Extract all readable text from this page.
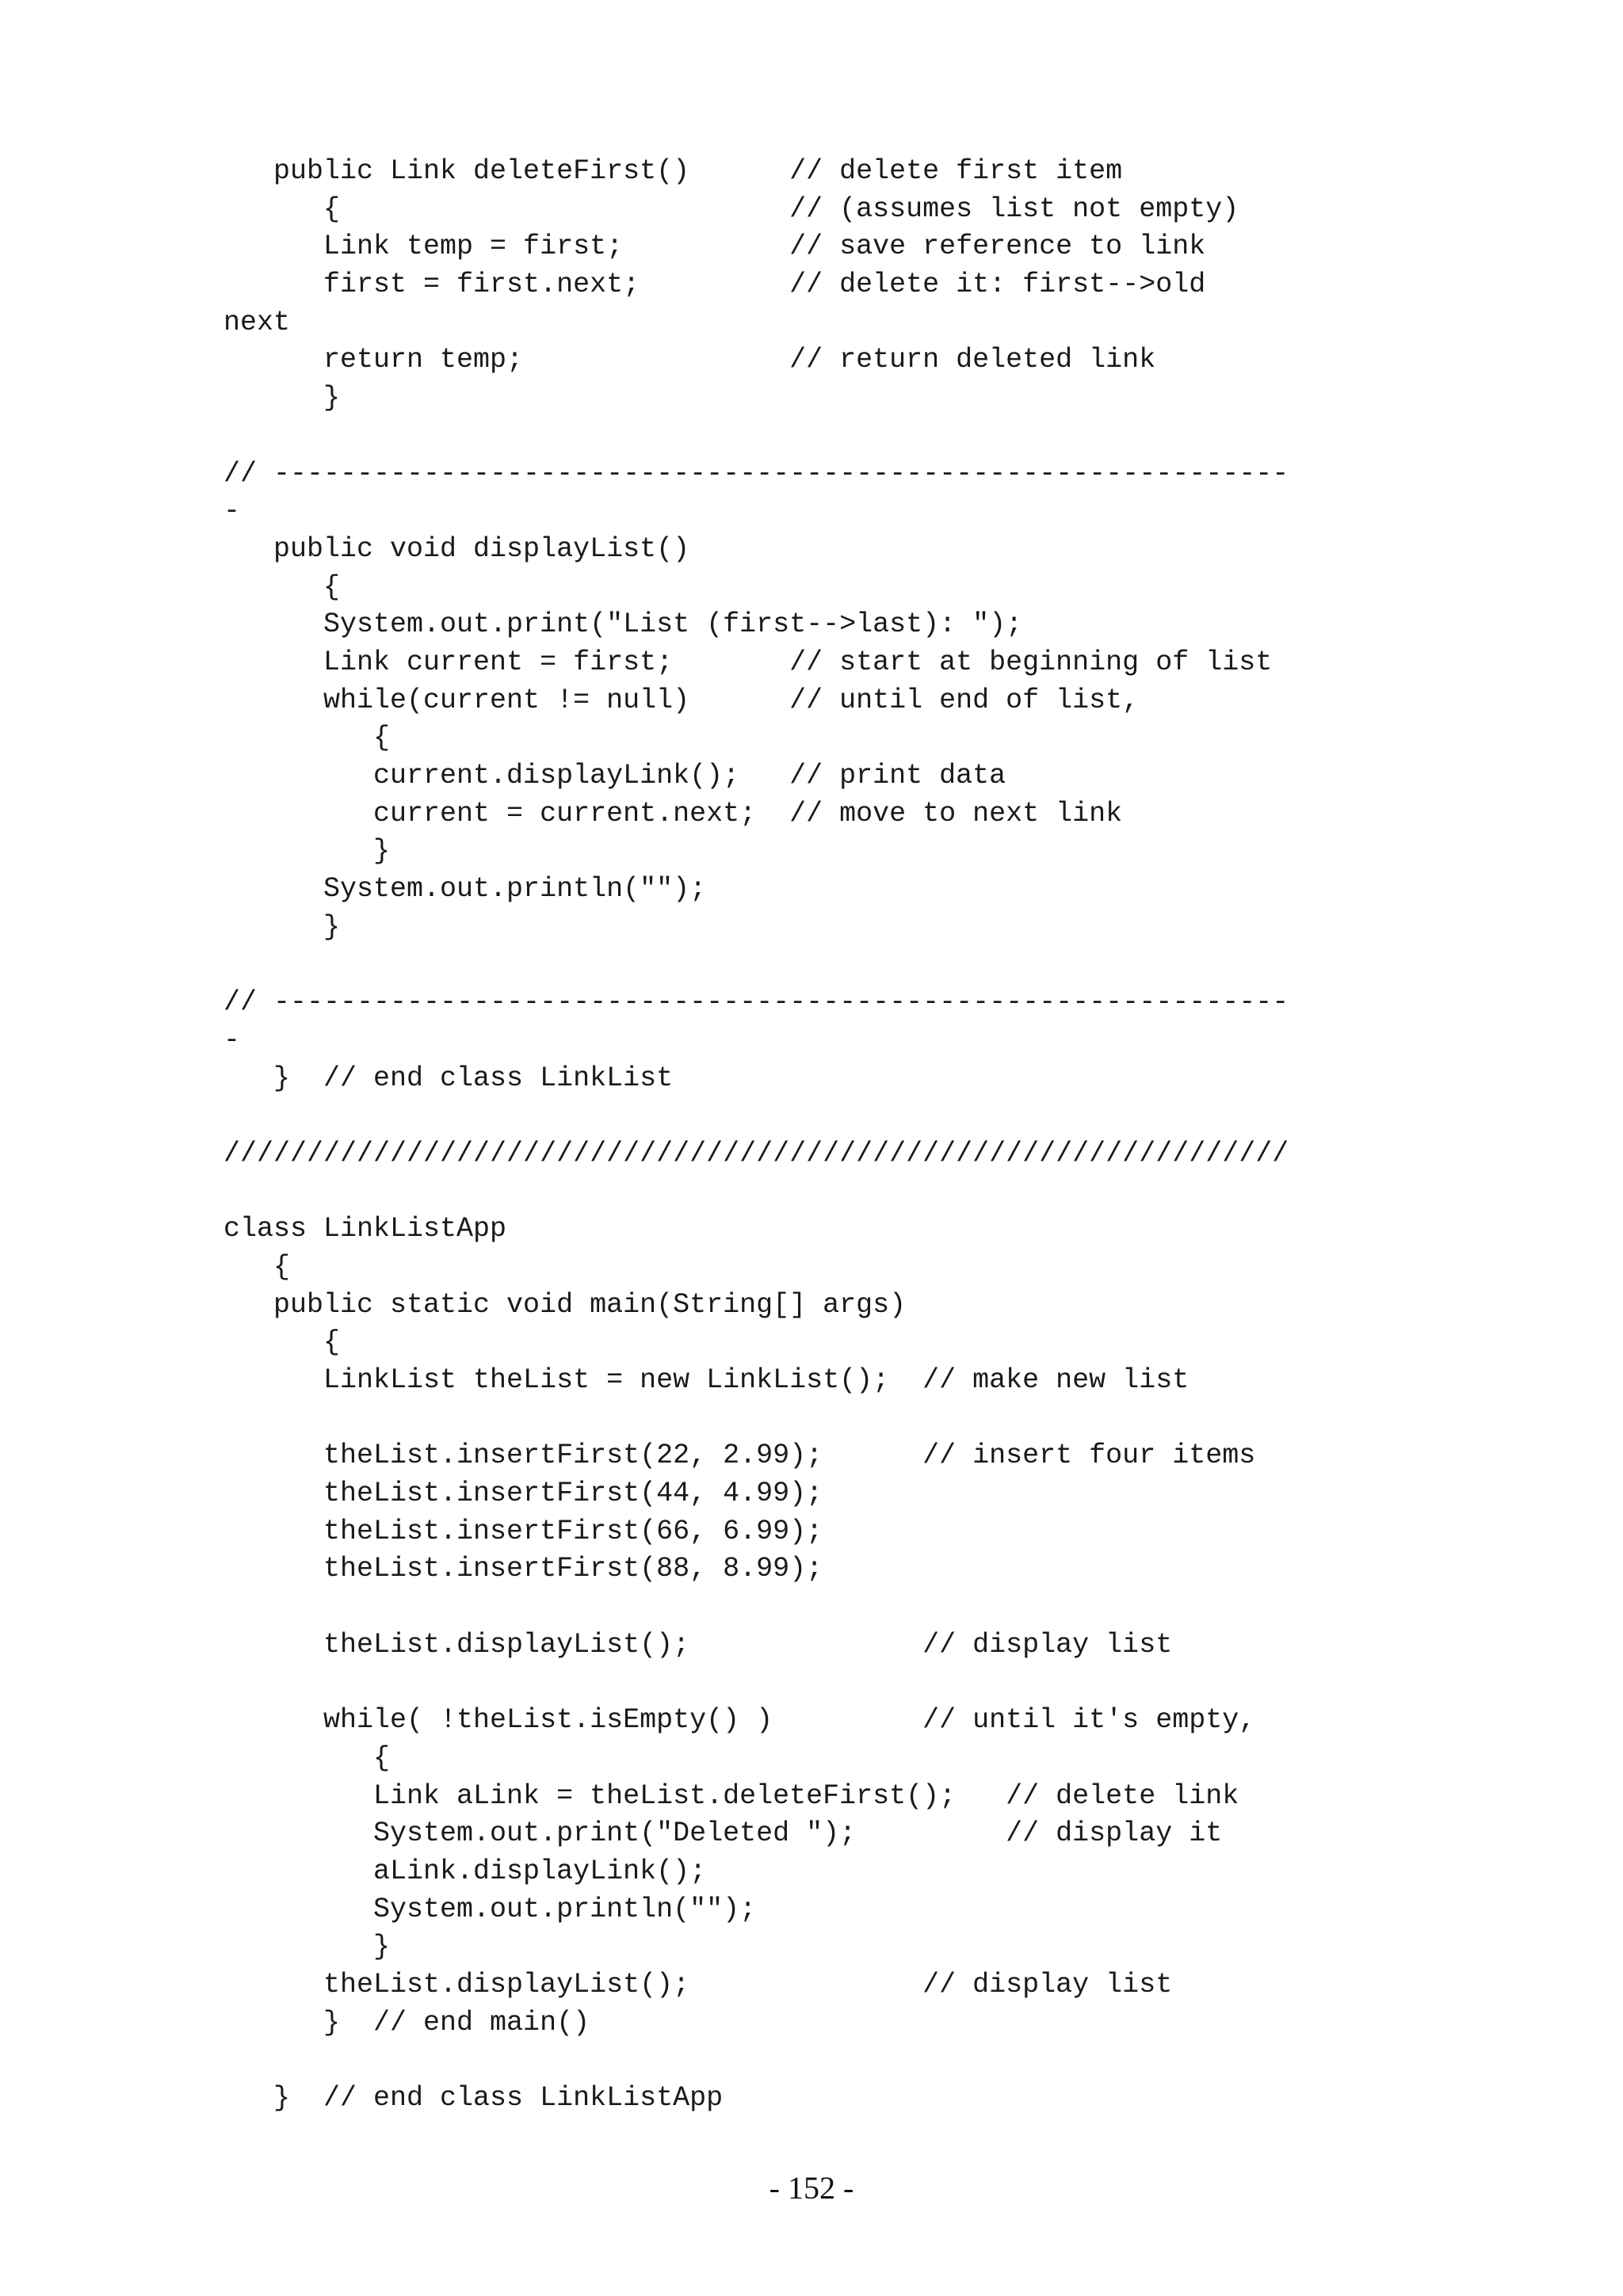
public Link deleteFirst()      // delete first item
{                           // (assumes list not empty)
Link temp = first;          // save reference to link
first = first.next;         // delete it: first-->old
next
return temp;                // return deleted link
}
// -------------------------------------------------------------
-
public void displayList()
{
System.out.print("List (first-->last): ");
Link current = first;       // start at beginning of list
while(current != null)      // until end of list,
{
current.displayLink();   // print data
current = current.next;  // move to next link
}
System.out.println("");
}
// -------------------------------------------------------------
-
}  // end class LinkList
////////////////////////////////////////////////////////////////
class LinkListApp
{
public static void main(String[] args)
{
LinkList theList = new LinkList();  // make new list
theList.insertFirst(22, 2.99);      // insert four items
theList.insertFirst(44, 4.99);
theList.insertFirst(66, 6.99);
theList.insertFirst(88, 8.99);
theList.displayList();              // display list
while( !theList.isEmpty() )         // until it's empty,
{
Link aLink = theList.deleteFirst();   // delete link
System.out.print("Deleted ");         // display it
aLink.displayLink();
System.out.println("");
}
theList.displayList();              // display list
}  // end main()
}  // end class LinkListApp
- 152 -
